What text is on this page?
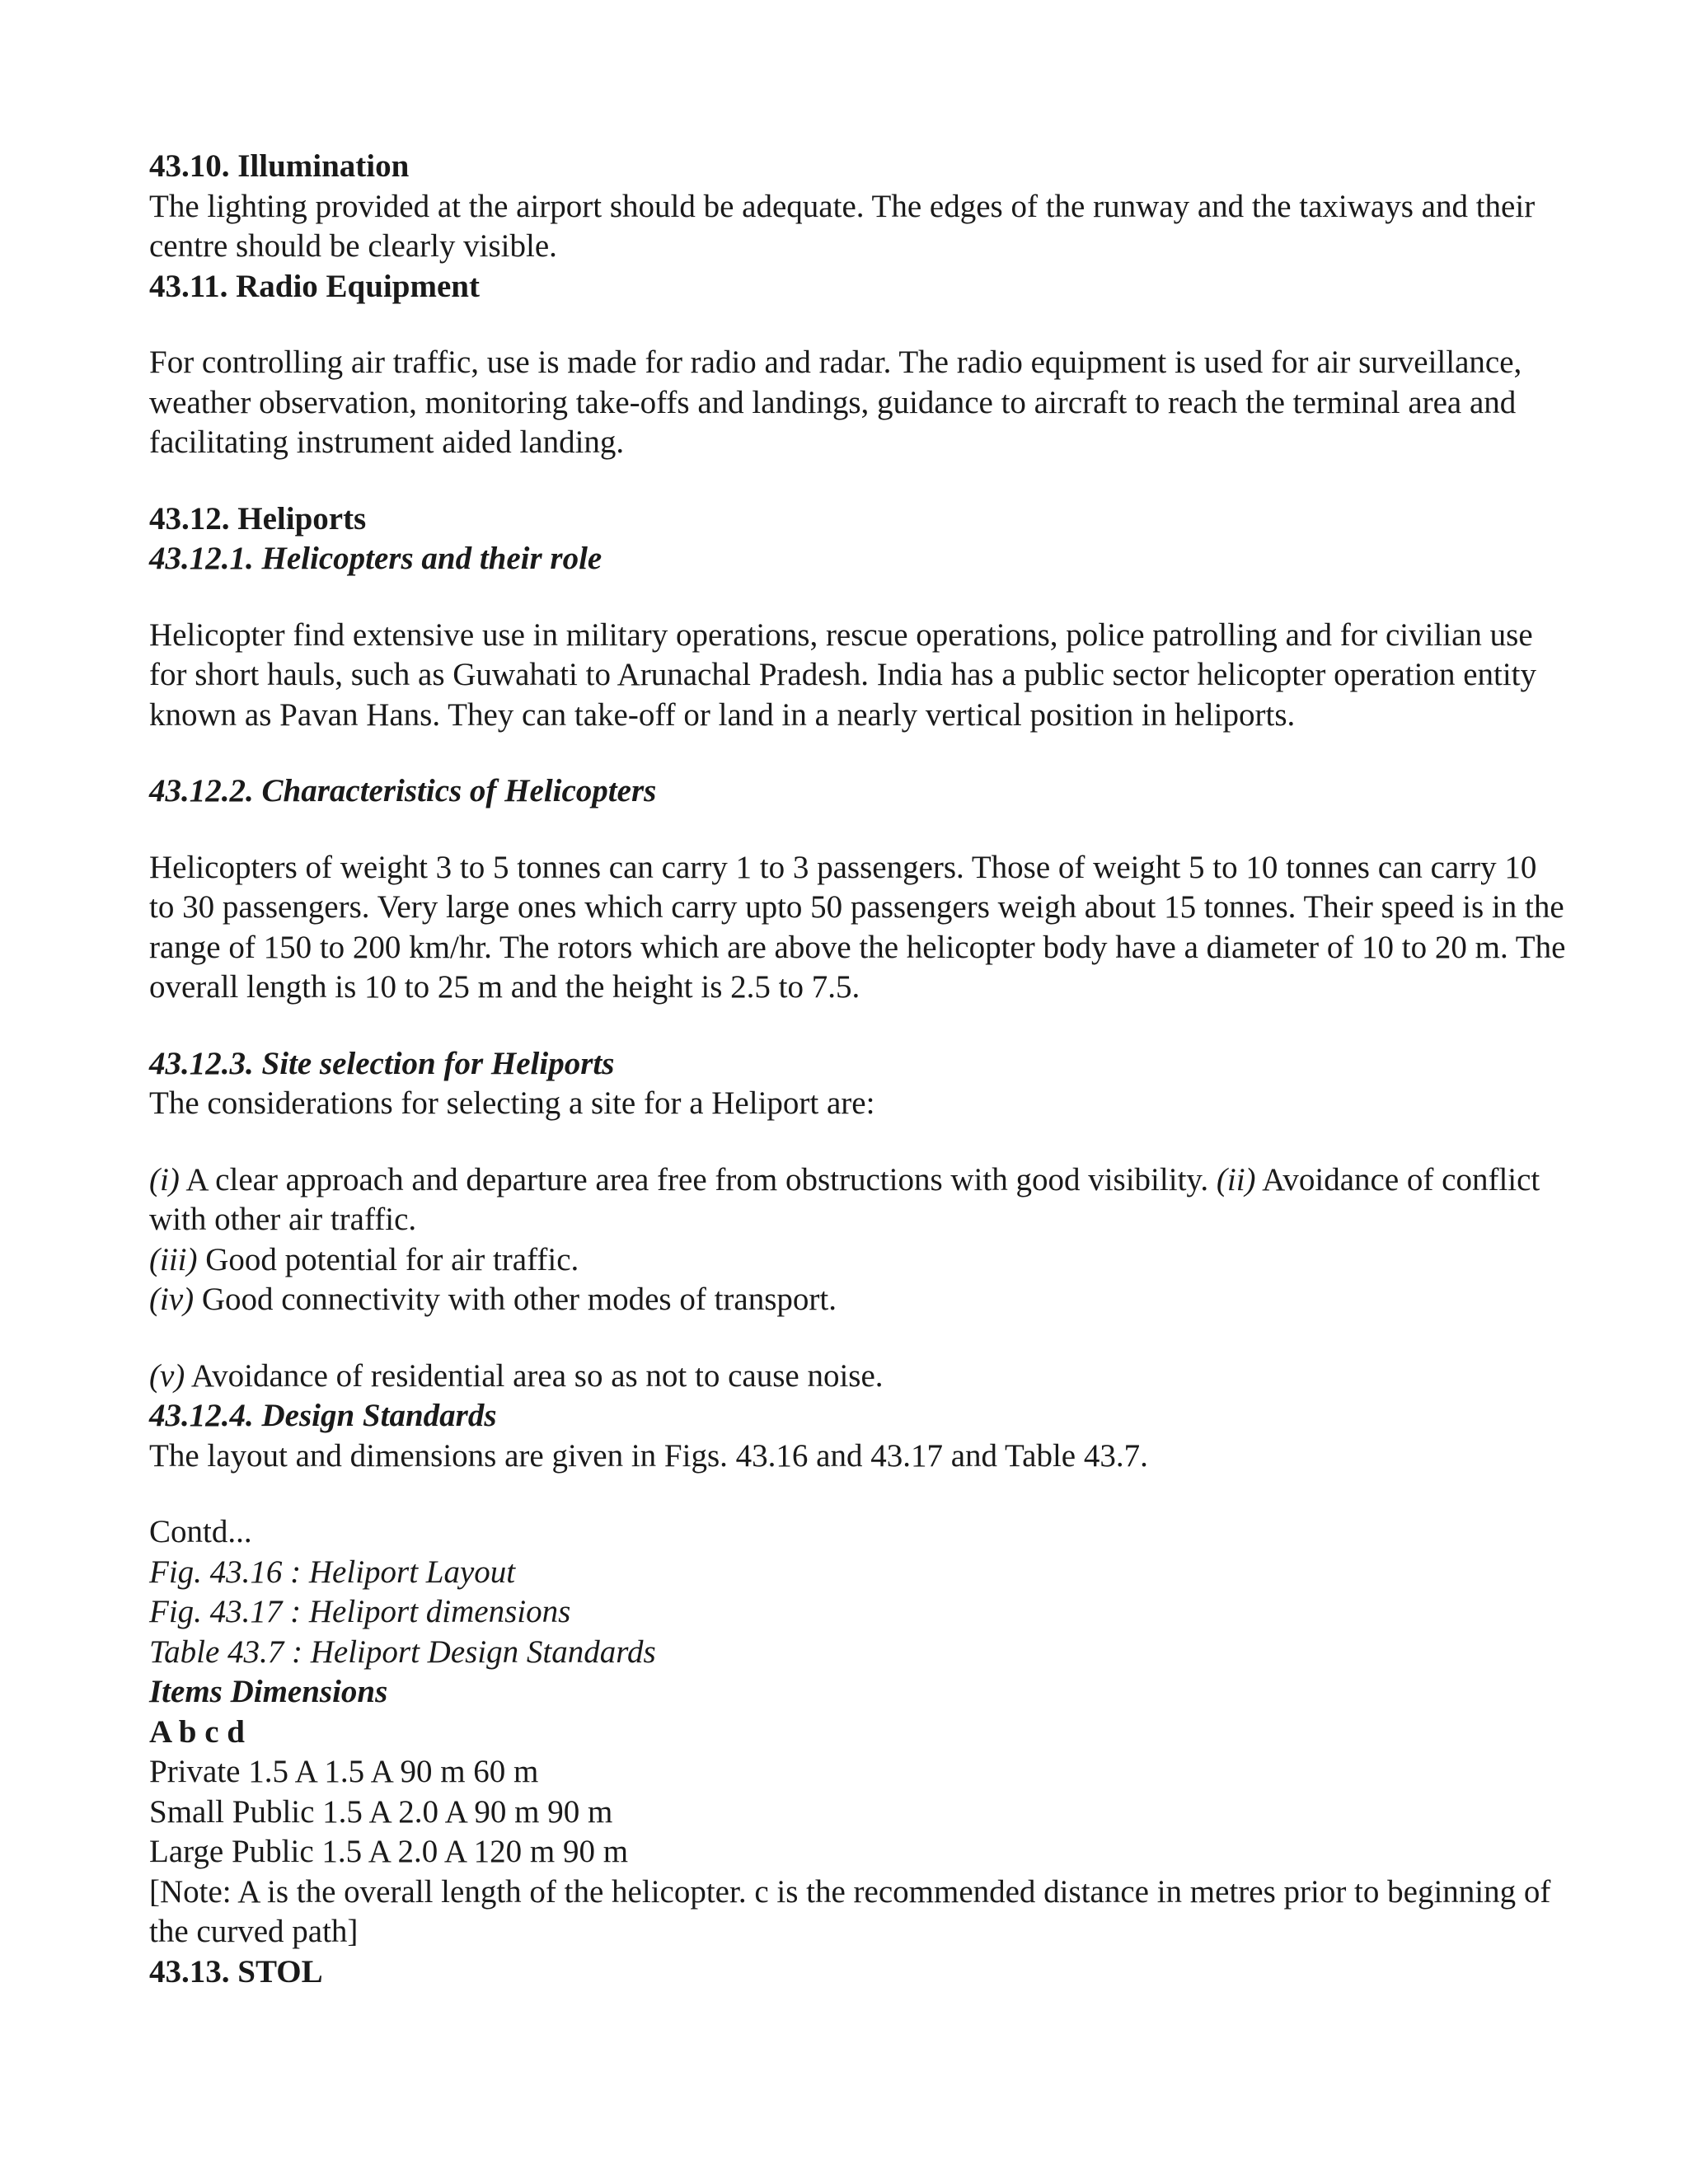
43.10. Illumination

The lighting provided at the airport should be adequate. The edges of the runway and the taxiways and their centre should be clearly visible.

43.11. Radio Equipment

For controlling air traffic, use is made for radio and radar. The radio equipment is used for air surveillance, weather observation, monitoring take-offs and landings, guidance to aircraft to reach the terminal area and facilitating instrument aided landing.

43.12. Heliports
43.12.1. Helicopters and their role

Helicopter find extensive use in military operations, rescue operations, police patrolling and for civilian use for short hauls, such as Guwahati to Arunachal Pradesh. India has a public sector helicopter operation entity known as Pavan Hans. They can take-off or land in a nearly vertical position in heliports.

43.12.2. Characteristics of Helicopters

Helicopters of weight 3 to 5 tonnes can carry 1 to 3 passengers. Those of weight 5 to 10 tonnes can carry 10 to 30 passengers. Very large ones which carry upto 50 passengers weigh about 15 tonnes. Their speed is in the range of 150 to 200 km/hr. The rotors which are above the helicopter body have a diameter of 10 to 20 m. The overall length is 10 to 25 m and the height is 2.5 to 7.5.

43.12.3. Site selection for Heliports

The considerations for selecting a site for a Heliport are:

(i) A clear approach and departure area free from obstructions with good visibility. (ii) Avoidance of conflict with other air traffic.

(iii) Good potential for air traffic.

(iv) Good connectivity with other modes of transport.

(v) Avoidance of residential area so as not to cause noise.

43.12.4. Design Standards

The layout and dimensions are given in Figs. 43.16 and 43.17 and Table 43.7.

Contd...

Fig. 43.16 : Heliport Layout

Fig. 43.17 : Heliport dimensions

Table 43.7 : Heliport Design Standards

Items Dimensions

A b c d

Private 1.5 A 1.5 A 90 m 60 m

Small Public 1.5 A 2.0 A 90 m 90 m

Large Public 1.5 A 2.0 A 120 m 90 m

[Note: A is the overall length of the helicopter. c is the recommended distance in metres prior to beginning of the curved path]

43.13. STOL
